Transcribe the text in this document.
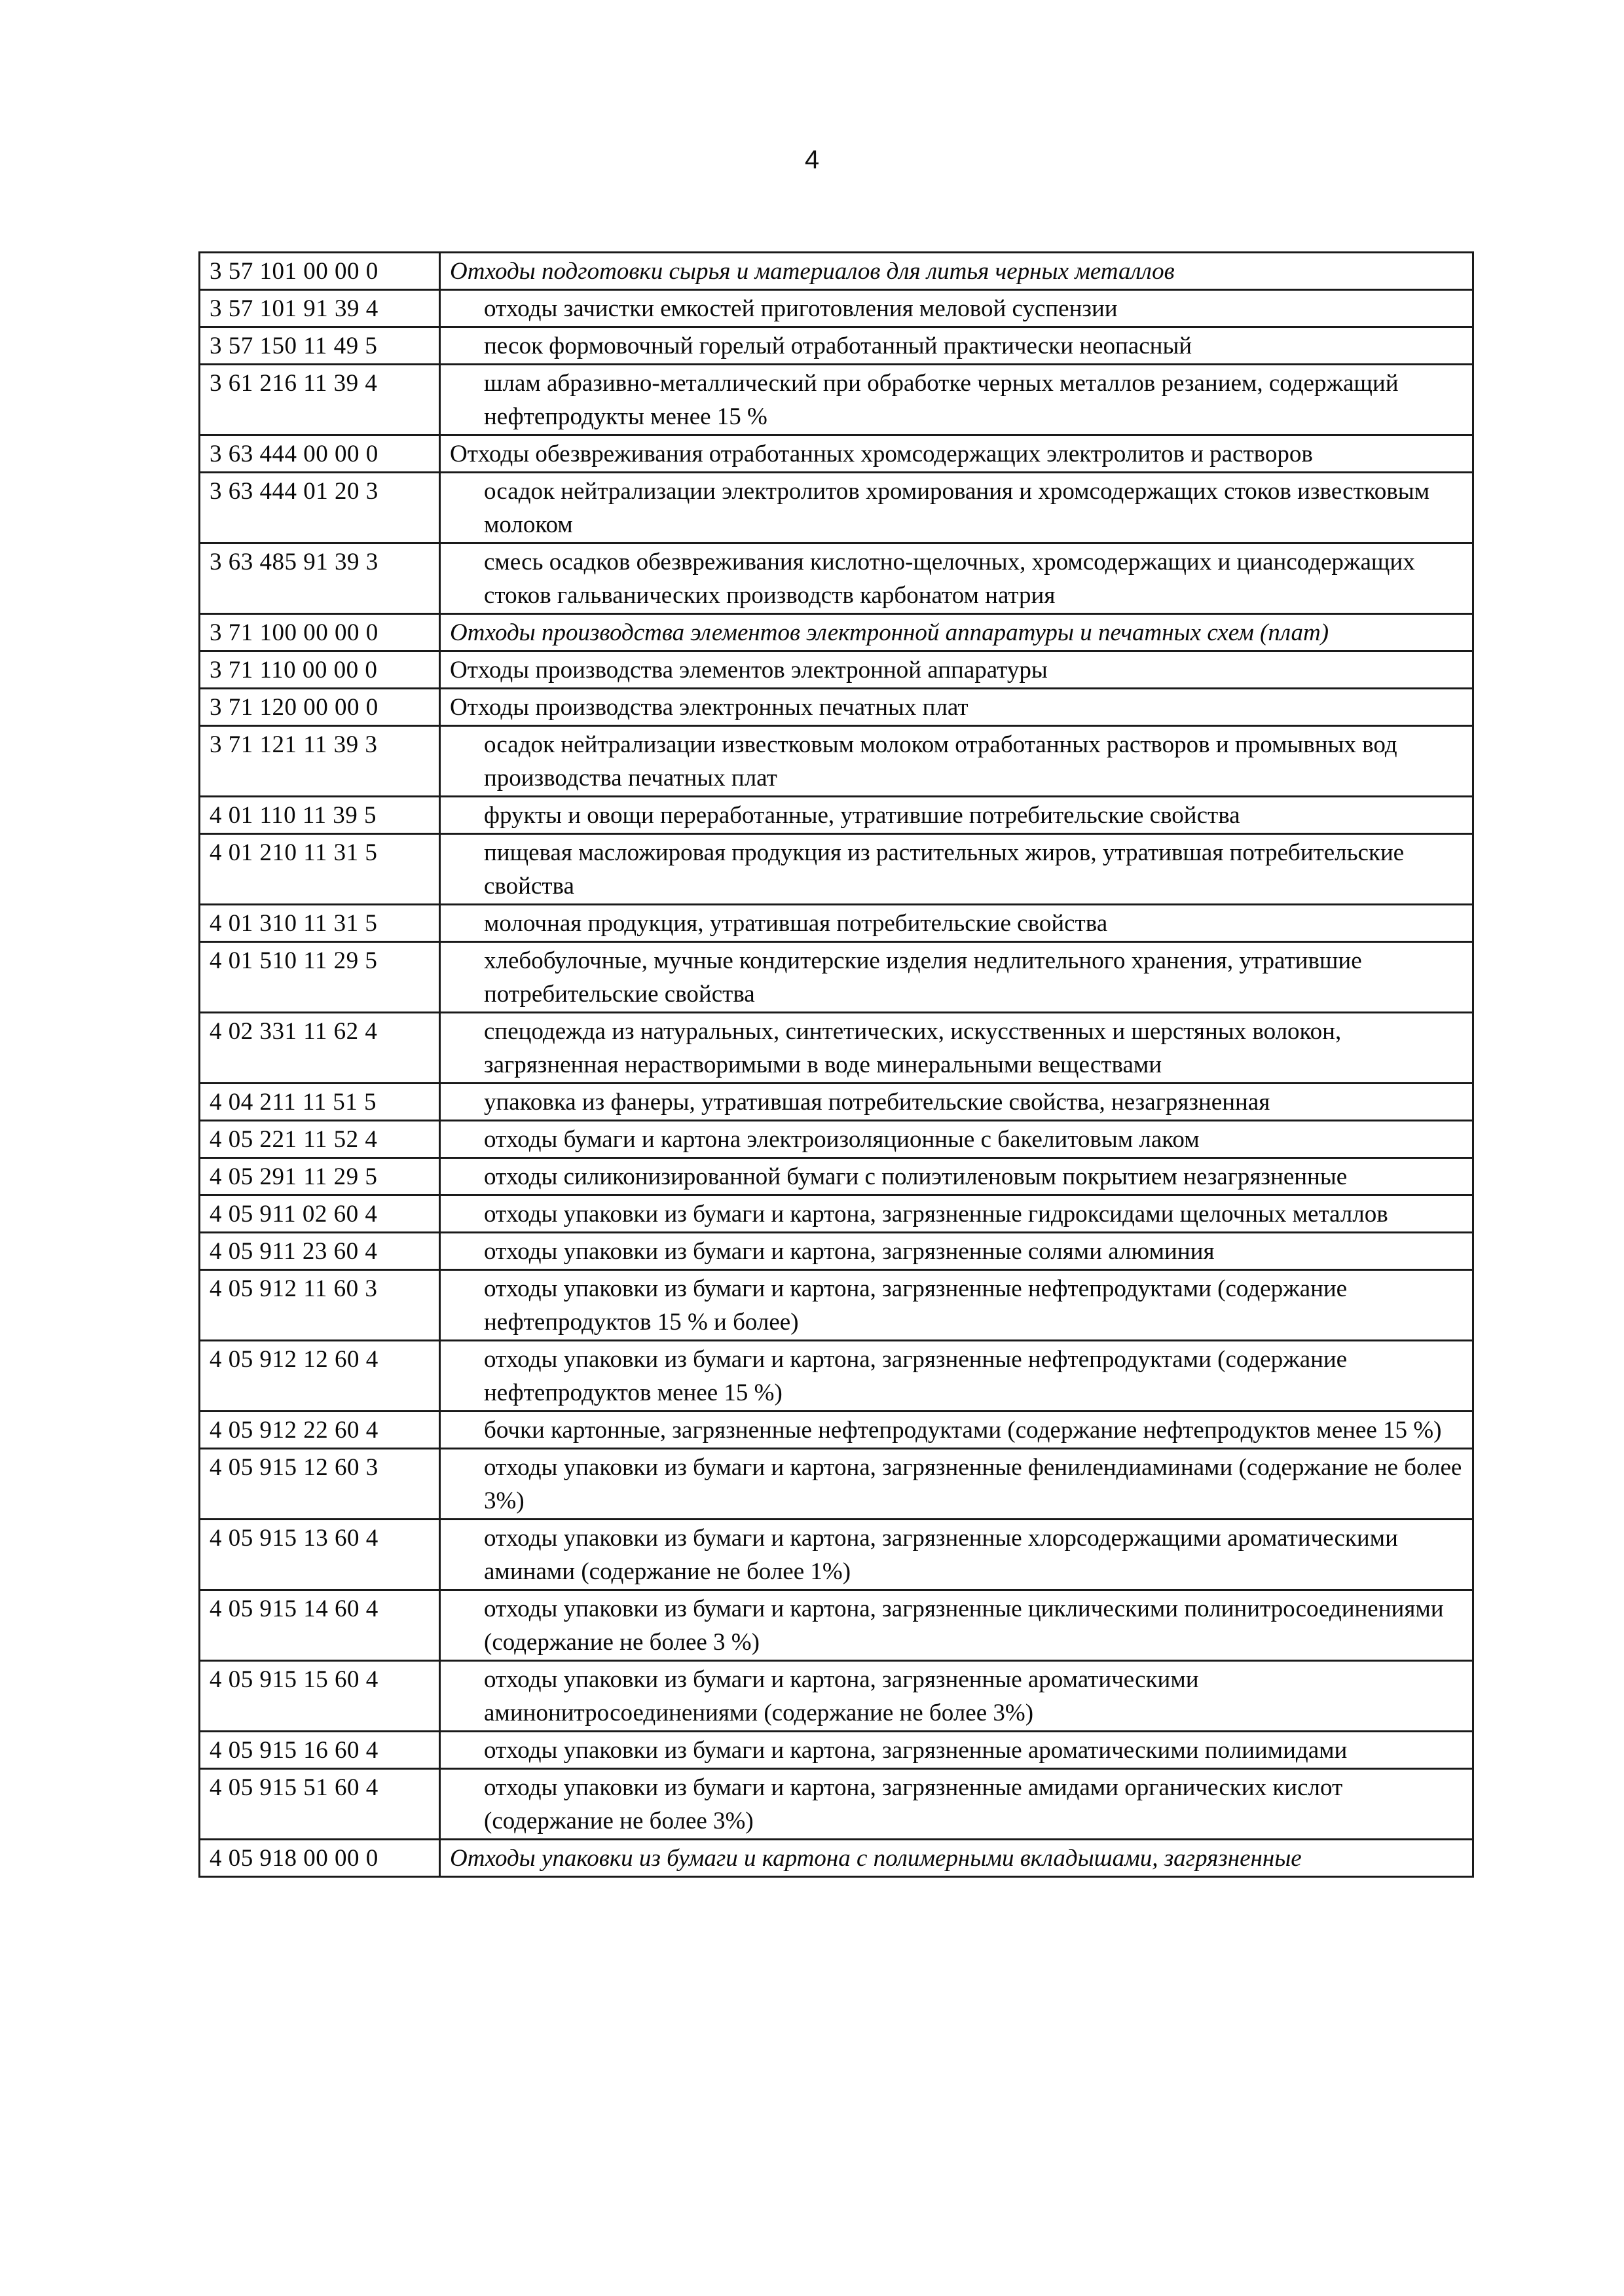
4
3 57 101 00 00 0	Отходы подготовки сырья и материалов для литья черных металлов
3 57 101 91 39 4	отходы зачистки емкостей приготовления меловой суспензии
3 57 150 11 49 5	песок формовочный горелый отработанный практически неопасный
3 61 216 11 39 4	шлам абразивно-металлический при обработке черных металлов резанием, содержащий нефтепродукты менее 15 %
3 63 444 00 00 0	Отходы обезвреживания отработанных хромсодержащих электролитов и растворов
3 63 444 01 20 3	осадок нейтрализации электролитов хромирования и хромсодержащих стоков известковым молоком
3 63 485 91 39 3	смесь осадков обезвреживания кислотно-щелочных, хромсодержащих и циансодержащих стоков гальванических производств карбонатом натрия
3 71 100 00 00 0	Отходы производства элементов электронной аппаратуры и печатных схем (плат)
3 71 110 00 00 0	Отходы производства элементов электронной аппаратуры
3 71 120 00 00 0	Отходы производства электронных печатных плат
3 71 121 11 39 3	осадок нейтрализации известковым молоком отработанных растворов и промывных вод производства печатных плат
4 01 110 11 39 5	фрукты и овощи переработанные, утратившие потребительские свойства
4 01 210 11 31 5	пищевая масложировая продукция из растительных жиров, утратившая потребительские свойства
4 01 310 11 31 5	молочная продукция, утратившая потребительские свойства
4 01 510 11 29 5	хлебобулочные, мучные кондитерские изделия недлительного хранения, утратившие потребительские свойства
4 02 331 11 62 4	спецодежда из натуральных, синтетических, искусственных и шерстяных волокон, загрязненная нерастворимыми в воде минеральными веществами
4 04 211 11 51 5	упаковка из фанеры, утратившая потребительские свойства, незагрязненная
4 05 221 11 52 4	отходы бумаги и картона электроизоляционные с бакелитовым лаком
4 05 291 11 29 5	отходы силиконизированной бумаги с полиэтиленовым покрытием незагрязненные
4 05 911 02 60 4	отходы упаковки из бумаги и картона, загрязненные гидроксидами щелочных металлов
4 05 911 23 60 4	отходы упаковки из бумаги и картона, загрязненные солями алюминия
4 05 912 11 60 3	отходы упаковки из бумаги и картона, загрязненные нефтепродуктами (содержание нефтепродуктов 15 % и более)
4 05 912 12 60 4	отходы упаковки из бумаги и картона, загрязненные нефтепродуктами (содержание нефтепродуктов менее 15 %)
4 05 912 22 60 4	бочки картонные, загрязненные нефтепродуктами (содержание нефтепродуктов менее 15 %)
4 05 915 12 60 3	отходы упаковки из бумаги и картона, загрязненные фенилендиаминами (содержание не более 3%)
4 05 915 13 60 4	отходы упаковки из бумаги и картона, загрязненные хлорсодержащими ароматическими аминами (содержание не более 1%)
4 05 915 14 60 4	отходы упаковки из бумаги и картона, загрязненные циклическими полинитросоединениями (содержание не более 3 %)
4 05 915 15 60 4	отходы упаковки из бумаги и картона, загрязненные ароматическими аминонитросоединениями (содержание не более 3%)
4 05 915 16 60 4	отходы упаковки из бумаги и картона, загрязненные ароматическими полиимидами
4 05 915 51 60 4	отходы упаковки из бумаги и картона, загрязненные амидами органических кислот (содержание не более 3%)
4 05 918 00 00 0	Отходы упаковки из бумаги и картона с полимерными вкладышами, загрязненные
